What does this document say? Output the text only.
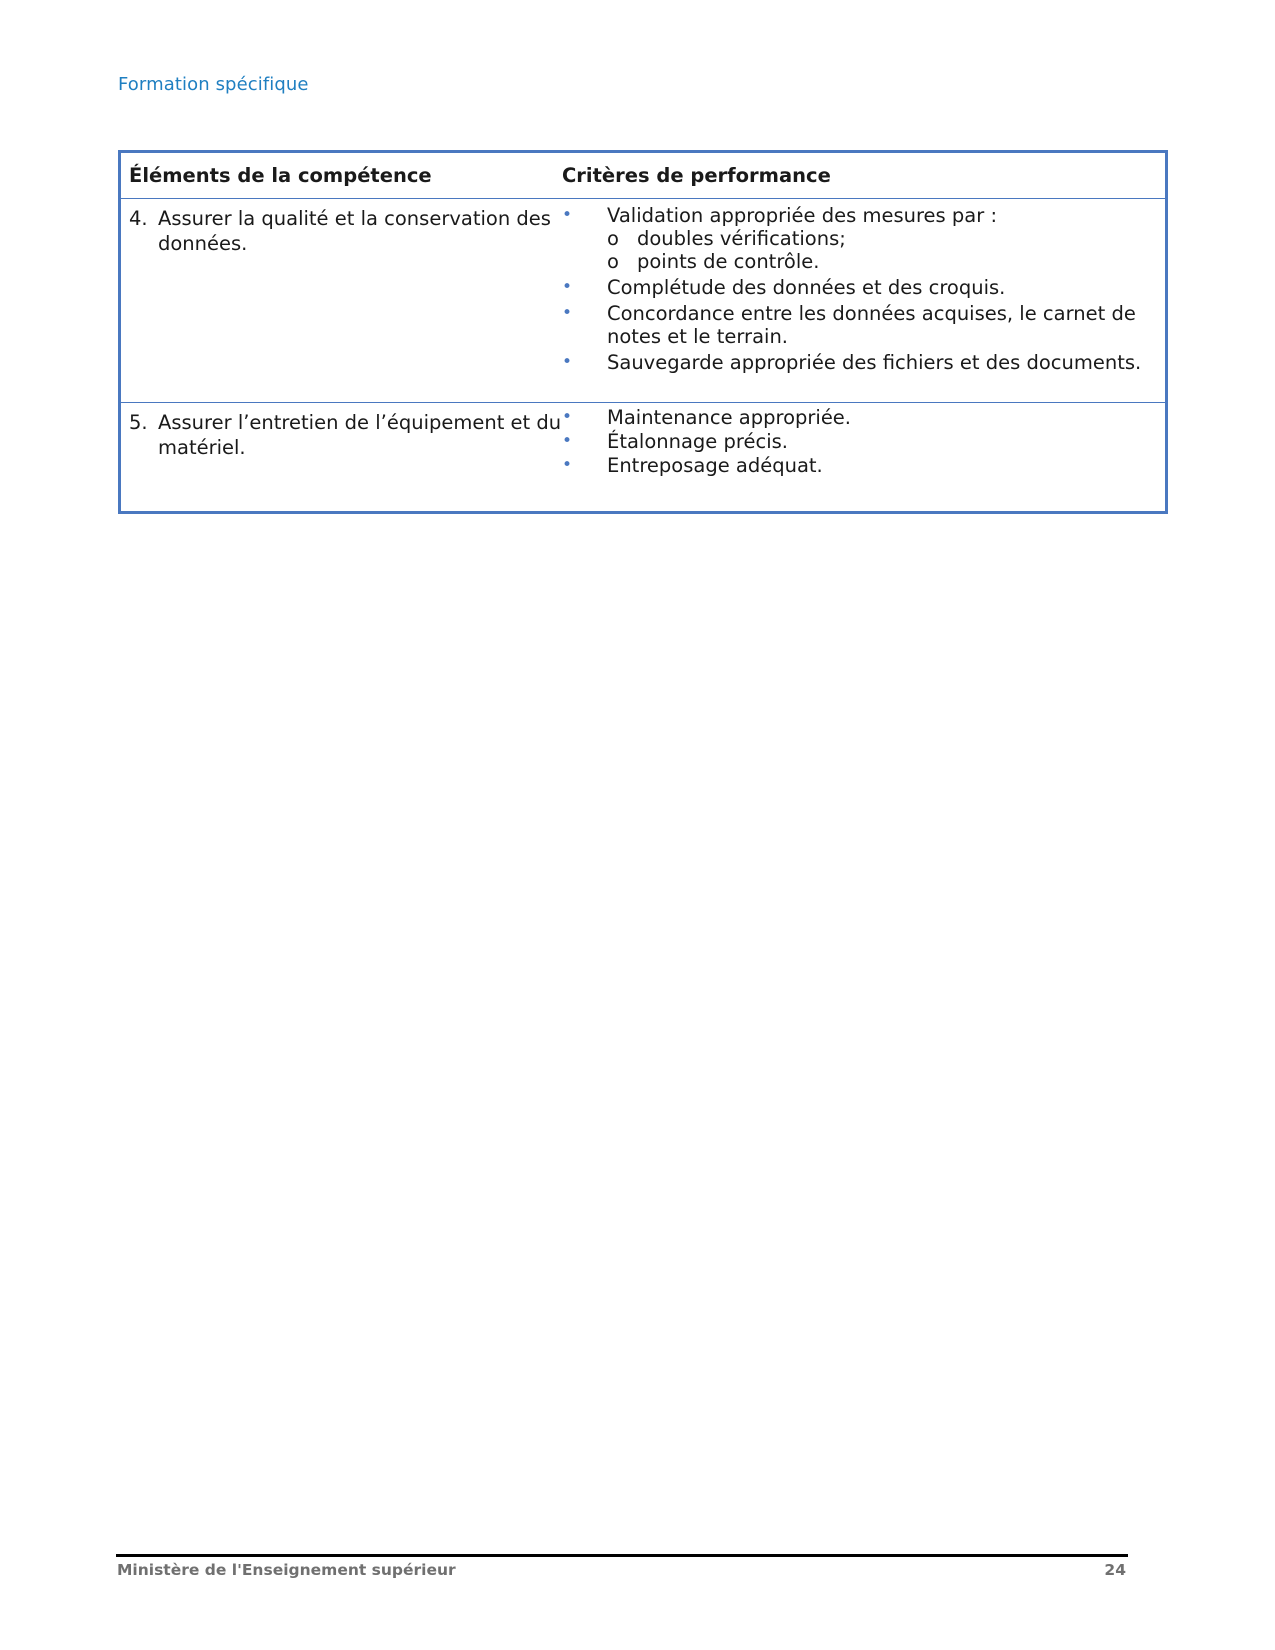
Formation spécifique
Éléments de la compétence	Critères de performance
4. Assurer la qualité et la conservation des données.
• Validation appropriée des mesures par :
o doubles vérifications;
o points de contrôle.
• Complétude des données et des croquis.
• Concordance entre les données acquises, le carnet de notes et le terrain.
• Sauvegarde appropriée des fichiers et des documents.
5. Assurer l’entretien de l’équipement et du matériel.
• Maintenance appropriée.
• Étalonnage précis.
• Entreposage adéquat.
Ministère de l'Enseignement supérieur	24
